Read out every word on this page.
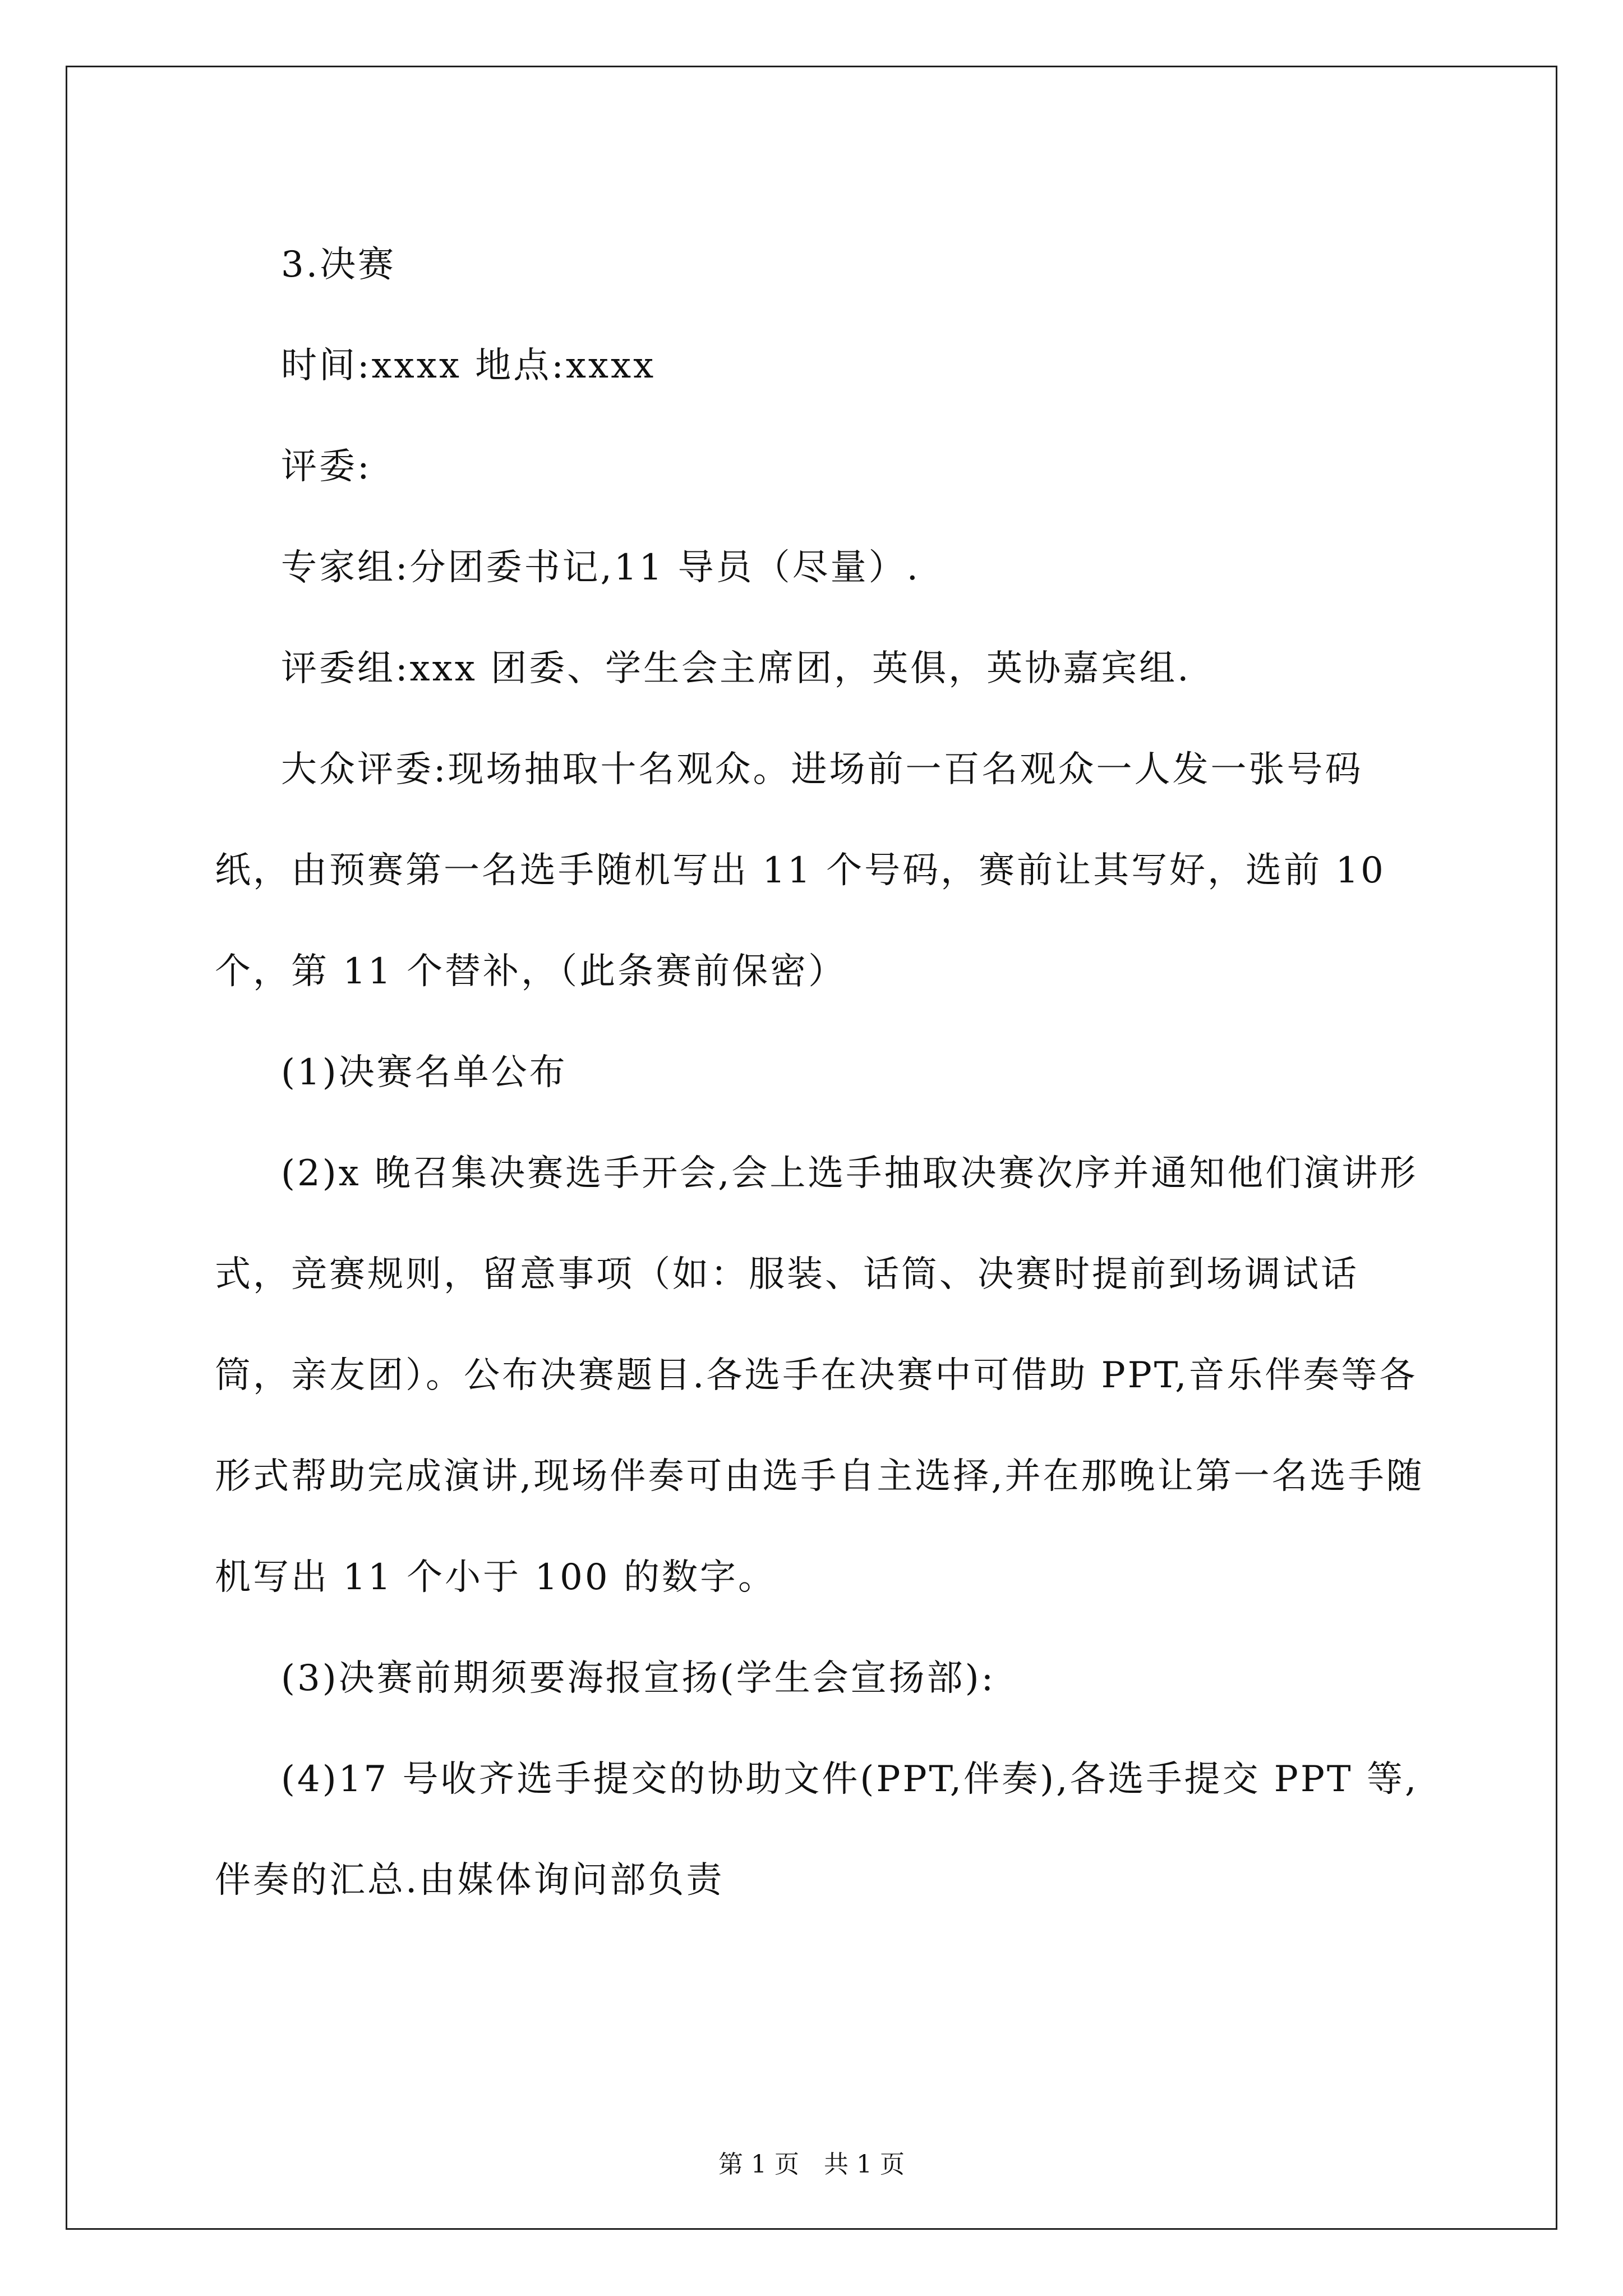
3.决赛

时间:xxxx 地点:xxxx

评委:

专家组:分团委书记,11 导员（尽量）.

评委组:xxx 团委、学生会主席团，英俱，英协嘉宾组.

大众评委:现场抽取十名观众。进场前一百名观众一人发一张号码纸，由预赛第一名选手随机写出 11 个号码，赛前让其写好，选前 10 个，第 11 个替补，（此条赛前保密）

(1)决赛名单公布

(2)x 晚召集决赛选手开会,会上选手抽取决赛次序并通知他们演讲形式，竞赛规则，留意事项（如：服装、话筒、决赛时提前到场调试话筒，亲友团）。公布决赛题目.各选手在决赛中可借助 PPT,音乐伴奏等各形式帮助完成演讲,现场伴奏可由选手自主选择,并在那晚让第一名选手随机写出 11 个小于 100 的数字。

(3)决赛前期须要海报宣扬(学生会宣扬部):

(4)17 号收齐选手提交的协助文件(PPT,伴奏),各选手提交 PPT 等,伴奏的汇总.由媒体询问部负责

第 1 页　共 1 页
